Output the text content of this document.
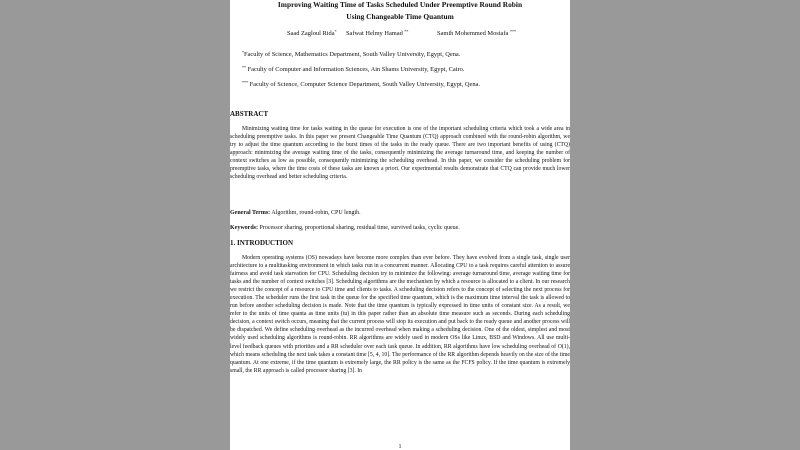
Improving Waiting Time of Tasks Scheduled Under Preemptive Round Robin
Using Changeable Time Quantum
Saad Zagloul Rida* Safwat Helmy Hamad **	Samih Mohemmed Mostafa ***
*Faculty of Science, Mathematics Department, South Valley University, Egypt, Qena.
** Faculty of Computer and Information Sciences, Ain Shams University, Egypt, Cairo.
*** Faculty of Science, Computer Science Department, South Valley University, Egypt, Qena.
ABSTRACT
Minimizing waiting time for tasks waiting in the queue for execution is one of the important scheduling criteria which took a wide area in scheduling preemptive tasks. In this paper we present Changeable Time Quantum (CTQ) approach combined with the round-robin algorithm, we try to adjust the time quantum according to the burst times of the tasks in the ready queue. There are two important benefits of using (CTQ) approach: minimizing the average waiting time of the tasks, consequently minimizing the average turnaround time, and keeping the number of context switches as low as possible, consequently minimizing the scheduling overhead. In this paper, we consider the scheduling problem for preemptive tasks, where the time costs of these tasks are known a priori. Our experimental results demonstrate that CTQ can provide much lower scheduling overhead and better scheduling criteria.
General Terms: Algorithm, round-robin, CPU length.
Keywords: Processor sharing, proportional sharing, residual time, survived tasks, cyclic queue.
1. INTRODUCTION
Modern operating systems (OS) nowadays have become more complex than ever before. They have evolved from a single task, single user architecture to a multitasking environment in which tasks run in a concurrent manner. Allocating CPU to a task requires careful attention to assure fairness and avoid task starvation for CPU. Scheduling decision try to minimize the following: average turnaround time, average waiting time for tasks and the number of context switches [3]. Scheduling algorithms are the mechanism by which a resource is allocated to a client. In our research we restrict the concept of a resource to CPU time and clients to tasks. A scheduling decision refers to the concept of selecting the next process for execution. The scheduler runs the first task in the queue for the specified time quantum, which is the maximum time interval the task is allowed to run before another scheduling decision is made. Note that the time quantum is typically expressed in time units of constant size. As a result, we refer to the units of time quanta as time units (tu) in this paper rather than an absolute time measure such as seconds. During each scheduling decision, a context switch occurs, meaning that the current process will stop its execution and put back to the ready queue and another process will be dispatched. We define scheduling overhead as the incurred overhead when making a scheduling decision. One of the oldest, simplest and most widely used scheduling algorithms is round-robin. RR algorithms are widely used in modern OSs like Linux, BSD and Windows. All use multi-level feedback queues with priorities and a RR scheduler over each task queue. In addition, RR algorithms have low scheduling overhead of O(1), which means scheduling the next task takes a constant time [5, 4, 10]. The performance of the RR algorithm depends heavily on the size of the time quantum. At one extreme, if the time quantum is extremely large, the RR policy is the same as the FCFS policy. If the time quantum is extremely small, the RR approach is called processor sharing [3]. In
1
